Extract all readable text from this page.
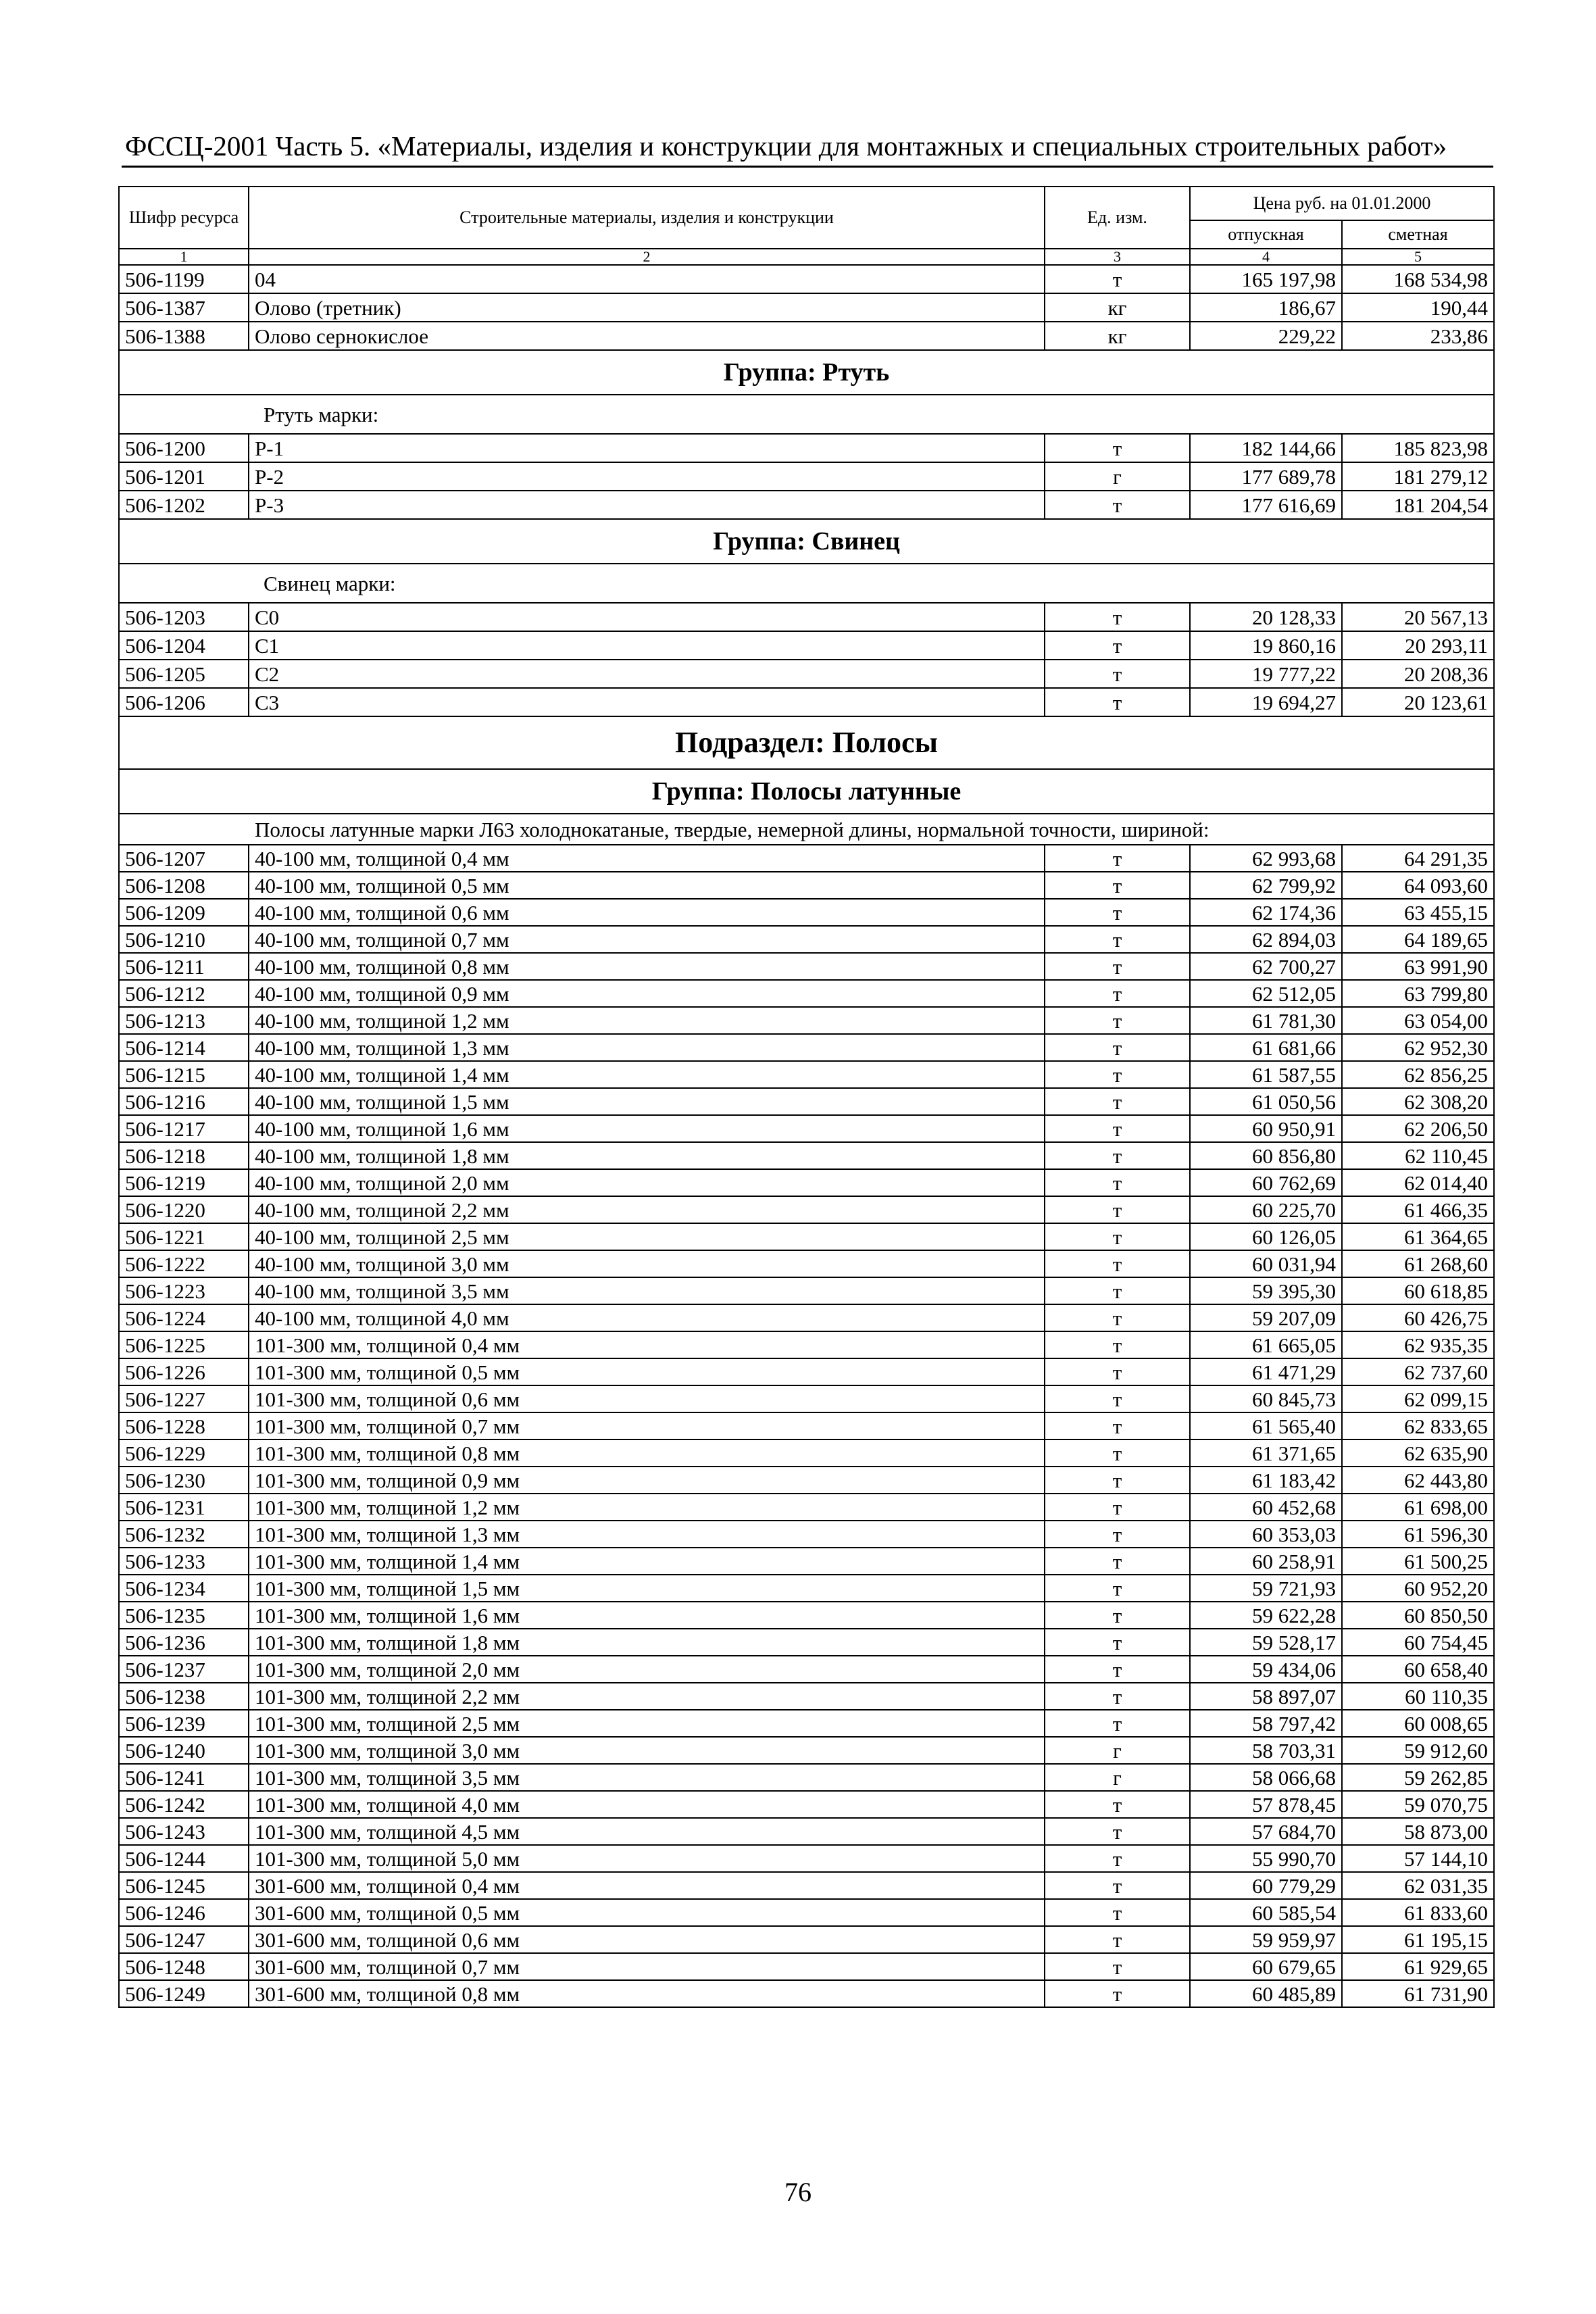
ФССЦ-2001 Часть 5. «Материалы, изделия и конструкции для монтажных и специальных строительных работ»
Шифр ресурса	Строительные материалы, изделия и конструкции	Ед. изм.	Цена руб. на 01.01.2000	
			отпускная	сметная
1	2	3	4	5
506-1199	04	т	165 197,98	168 534,98
506-1387	Олово (третник)	кг	186,67	190,44
506-1388	Олово сернокислое	кг	229,22	233,86
Группа: Ртуть				
Ртуть марки:				
506-1200	Р-1	т	182 144,66	185 823,98
506-1201	Р-2	г	177 689,78	181 279,12
506-1202	Р-3	т	177 616,69	181 204,54
Группа: Свинец				
Свинец марки:				
506-1203	С0	т	20 128,33	20 567,13
506-1204	С1	т	19 860,16	20 293,11
506-1205	С2	т	19 777,22	20 208,36
506-1206	С3	т	19 694,27	20 123,61
Подраздел: Полосы				
Группа: Полосы латунные				
Полосы латунные марки Л63 холоднокатаные, твердые, немерной длины, нормальной точности, шириной:				
506-1207	40-100 мм, толщиной 0,4 мм	т	62 993,68	64 291,35
506-1208	40-100 мм, толщиной 0,5 мм	т	62 799,92	64 093,60
506-1209	40-100 мм, толщиной 0,6 мм	т	62 174,36	63 455,15
506-1210	40-100 мм, толщиной 0,7 мм	т	62 894,03	64 189,65
506-1211	40-100 мм, толщиной 0,8 мм	т	62 700,27	63 991,90
506-1212	40-100 мм, толщиной 0,9 мм	т	62 512,05	63 799,80
506-1213	40-100 мм, толщиной 1,2 мм	т	61 781,30	63 054,00
506-1214	40-100 мм, толщиной 1,3 мм	т	61 681,66	62 952,30
506-1215	40-100 мм, толщиной 1,4 мм	т	61 587,55	62 856,25
506-1216	40-100 мм, толщиной 1,5 мм	т	61 050,56	62 308,20
506-1217	40-100 мм, толщиной 1,6 мм	т	60 950,91	62 206,50
506-1218	40-100 мм, толщиной 1,8 мм	т	60 856,80	62 110,45
506-1219	40-100 мм, толщиной 2,0 мм	т	60 762,69	62 014,40
506-1220	40-100 мм, толщиной 2,2 мм	т	60 225,70	61 466,35
506-1221	40-100 мм, толщиной 2,5 мм	т	60 126,05	61 364,65
506-1222	40-100 мм, толщиной 3,0 мм	т	60 031,94	61 268,60
506-1223	40-100 мм, толщиной 3,5 мм	т	59 395,30	60 618,85
506-1224	40-100 мм, толщиной 4,0 мм	т	59 207,09	60 426,75
506-1225	101-300 мм, толщиной 0,4 мм	т	61 665,05	62 935,35
506-1226	101-300 мм, толщиной 0,5 мм	т	61 471,29	62 737,60
506-1227	101-300 мм, толщиной 0,6 мм	т	60 845,73	62 099,15
506-1228	101-300 мм, толщиной 0,7 мм	т	61 565,40	62 833,65
506-1229	101-300 мм, толщиной 0,8 мм	т	61 371,65	62 635,90
506-1230	101-300 мм, толщиной 0,9 мм	т	61 183,42	62 443,80
506-1231	101-300 мм, толщиной 1,2 мм	т	60 452,68	61 698,00
506-1232	101-300 мм, толщиной 1,3 мм	т	60 353,03	61 596,30
506-1233	101-300 мм, толщиной 1,4 мм	т	60 258,91	61 500,25
506-1234	101-300 мм, толщиной 1,5 мм	т	59 721,93	60 952,20
506-1235	101-300 мм, толщиной 1,6 мм	т	59 622,28	60 850,50
506-1236	101-300 мм, толщиной 1,8 мм	т	59 528,17	60 754,45
506-1237	101-300 мм, толщиной 2,0 мм	т	59 434,06	60 658,40
506-1238	101-300 мм, толщиной 2,2 мм	т	58 897,07	60 110,35
506-1239	101-300 мм, толщиной 2,5 мм	т	58 797,42	60 008,65
506-1240	101-300 мм, толщиной 3,0 мм	г	58 703,31	59 912,60
506-1241	101-300 мм, толщиной 3,5 мм	г	58 066,68	59 262,85
506-1242	101-300 мм, толщиной 4,0 мм	т	57 878,45	59 070,75
506-1243	101-300 мм, толщиной 4,5 мм	т	57 684,70	58 873,00
506-1244	101-300 мм, толщиной 5,0 мм	т	55 990,70	57 144,10
506-1245	301-600 мм, толщиной 0,4 мм	т	60 779,29	62 031,35
506-1246	301-600 мм, толщиной 0,5 мм	т	60 585,54	61 833,60
506-1247	301-600 мм, толщиной 0,6 мм	т	59 959,97	61 195,15
506-1248	301-600 мм, толщиной 0,7 мм	т	60 679,65	61 929,65
506-1249	301-600 мм, толщиной 0,8 мм	т	60 485,89	61 731,90
76
